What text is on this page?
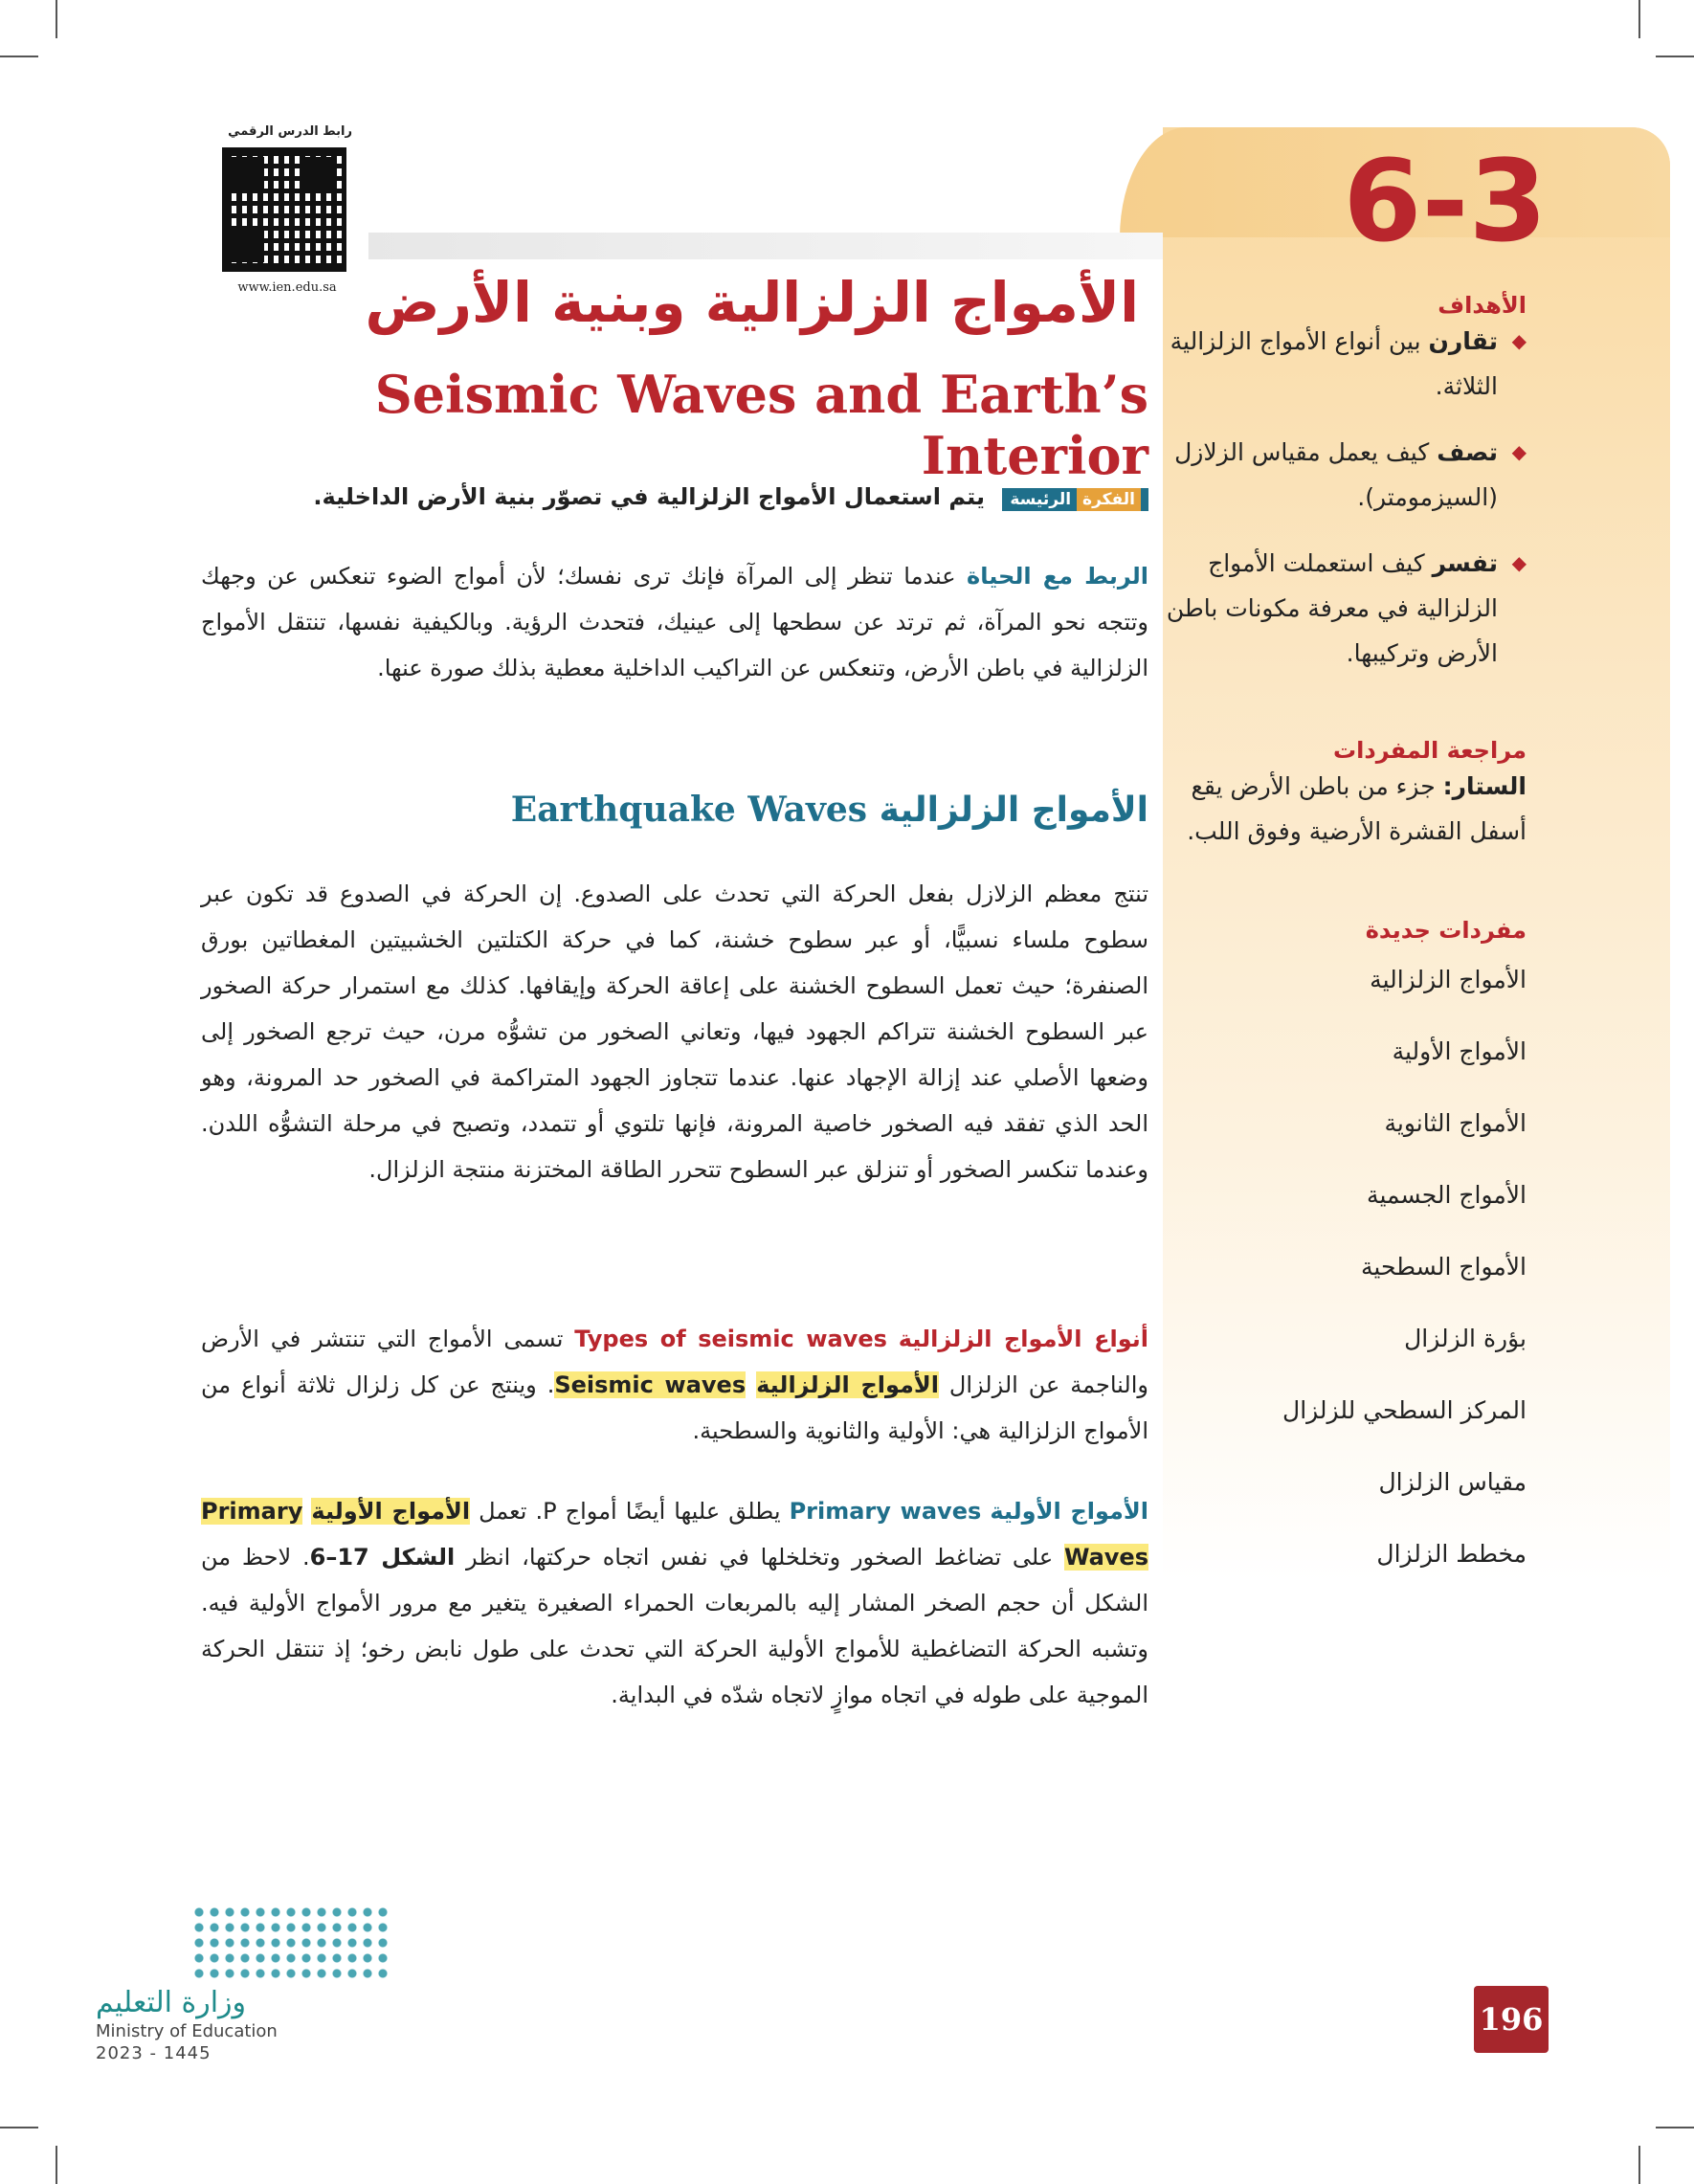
6-3
رابط الدرس الرقمي
www.ien.edu.sa الأمواج الزلزالية وبنية الأرض
Seismic Waves and Earth’s Interior
الفكرةالرئيسة يتم استعمال الأمواج الزلزالية في تصوّر بنية الأرض الداخلية.
الربط مع الحياة عندما تنظر إلى المرآة فإنك ترى نفسك؛ لأن أمواج الضوء تنعكس عن وجهك وتتجه نحو المرآة، ثم ترتد عن سطحها إلى عينيك، فتحدث الرؤية. وبالكيفية نفسها، تنتقل الأمواج الزلزالية في باطن الأرض، وتنعكس عن التراكيب الداخلية معطية بذلك صورة عنها.
الأمواج الزلزالية Earthquake Waves
تنتج معظم الزلازل بفعل الحركة التي تحدث على الصدوع. إن الحركة في الصدوع قد تكون عبر سطوح ملساء نسبيًّا، أو عبر سطوح خشنة، كما في حركة الكتلتين الخشبيتين المغطاتين بورق الصنفرة؛ حيث تعمل السطوح الخشنة على إعاقة الحركة وإيقافها. كذلك مع استمرار حركة الصخور عبر السطوح الخشنة تتراكم الجهود فيها، وتعاني الصخور من تشوُّه مرن، حيث ترجع الصخور إلى وضعها الأصلي عند إزالة الإجهاد عنها. عندما تتجاوز الجهود المتراكمة في الصخور حد المرونة، وهو الحد الذي تفقد فيه الصخور خاصية المرونة، فإنها تلتوي أو تتمدد، وتصبح في مرحلة التشوُّه اللدن. وعندما تنكسر الصخور أو تنزلق عبر السطوح تتحرر الطاقة المختزنة منتجة الزلزال.
أنواع الأمواج الزلزالية Types of seismic waves تسمى الأمواج التي تنتشر في الأرض والناجمة عن الزلزال الأمواج الزلزالية Seismic waves. وينتج عن كل زلزال ثلاثة أنواع من الأمواج الزلزالية هي: الأولية والثانوية والسطحية.
الأمواج الأولية Primary waves يطلق عليها أيضًا أمواج P. تعمل الأمواج الأولية Primary Waves على تضاغط الصخور وتخلخلها في نفس اتجاه حركتها، انظر الشكل 17–6. لاحظ من الشكل أن حجم الصخر المشار إليه بالمربعات الحمراء الصغيرة يتغير مع مرور الأمواج الأولية فيه. وتشبه الحركة التضاغطية للأمواج الأولية الحركة التي تحدث على طول نابض رخو؛ إذ تنتقل الحركة الموجية على طوله في اتجاه موازٍ لاتجاه شدّه في البداية.
الأهداف
◆ تقارن بين أنواع الأمواج الزلزالية الثلاثة.
◆ تصف كيف يعمل مقياس الزلازل (السيزمومتر).
◆ تفسر كيف استعملت الأمواج الزلزالية في معرفة مكونات باطن الأرض وتركيبها.
مراجعة المفردات
الستار: جزء من باطن الأرض يقع أسفل القشرة الأرضية وفوق اللب.
مفردات جديدة
الأمواج الزلزالية
الأمواج الأولية
الأمواج الثانوية
الأمواج الجسمية
الأمواج السطحية
بؤرة الزلزال
المركز السطحي للزلزال
مقياس الزلزال
مخطط الزلزال
وزارة التعليم
Ministry of Education
2023 - 1445
196
